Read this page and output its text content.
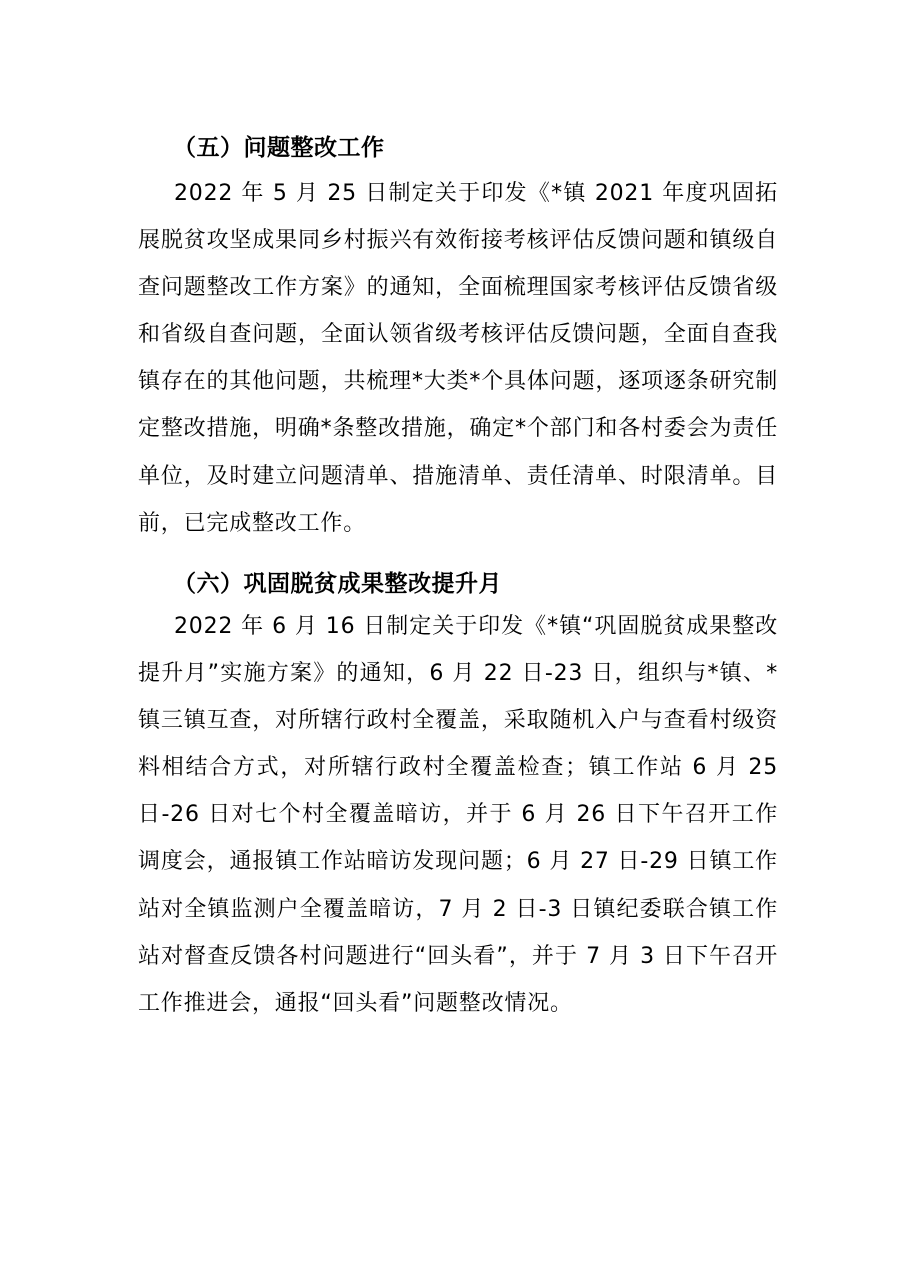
（五）问题整改工作
2022 年 5 月 25 日制定关于印发《*镇 2021 年度巩固拓展脱贫攻坚成果同乡村振兴有效衔接考核评估反馈问题和镇级自查问题整改工作方案》的通知，全面梳理国家考核评估反馈省级和省级自查问题，全面认领省级考核评估反馈问题，全面自查我镇存在的其他问题，共梳理*大类*个具体问题，逐项逐条研究制定整改措施，明确*条整改措施，确定*个部门和各村委会为责任单位，及时建立问题清单、措施清单、责任清单、时限清单。目前，已完成整改工作。
（六）巩固脱贫成果整改提升月
2022 年 6 月 16 日制定关于印发《*镇“巩固脱贫成果整改提升月”实施方案》的通知，6 月 22 日-23 日，组织与*镇、*镇三镇互查，对所辖行政村全覆盖，采取随机入户与查看村级资料相结合方式，对所辖行政村全覆盖检查；镇工作站 6 月 25 日-26 日对七个村全覆盖暗访，并于 6 月 26 日下午召开工作调度会，通报镇工作站暗访发现问题；6 月 27 日-29 日镇工作站对全镇监测户全覆盖暗访，7 月 2 日-3 日镇纪委联合镇工作站对督查反馈各村问题进行“回头看”，并于 7 月 3 日下午召开工作推进会，通报“回头看”问题整改情况。
